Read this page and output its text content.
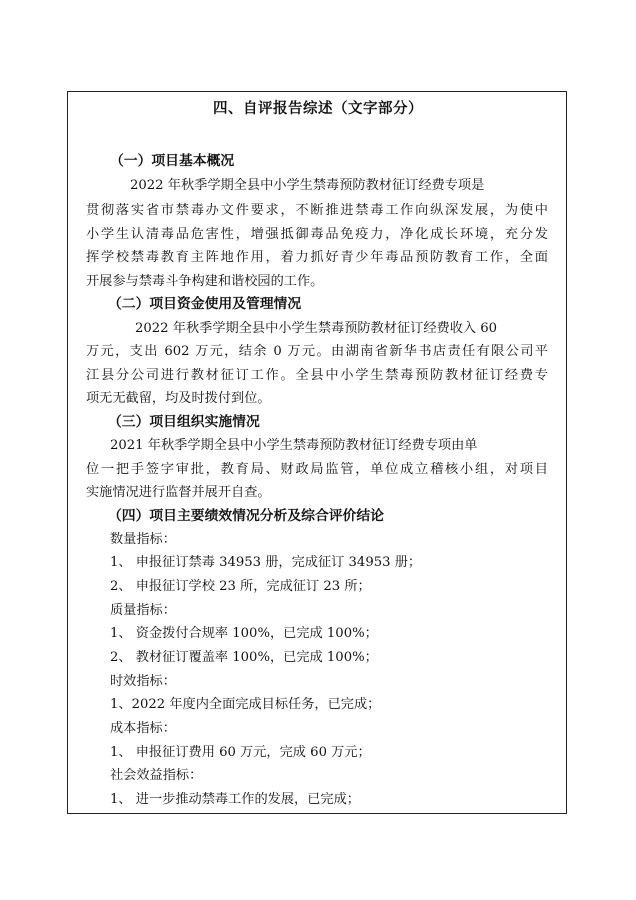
四、自评报告综述（文字部分）
（一）项目基本概况
2022 年秋季学期全县中小学生禁毒预防教材征订经费专项是
贯彻落实省市禁毒办文件要求，不断推进禁毒工作向纵深发展，为使中
小学生认清毒品危害性，增强抵御毒品免疫力，净化成长环境，充分发
挥学校禁毒教育主阵地作用，着力抓好青少年毒品预防教育工作，全面
开展参与禁毒斗争构建和谐校园的工作。
（二）项目资金使用及管理情况
2022 年秋季学期全县中小学生禁毒预防教材征订经费收入 60
万元，支出 602 万元，结余 0 万元。由湖南省新华书店责任有限公司平
江县分公司进行教材征订工作。全县中小学生禁毒预防教材征订经费专
项无无截留，均及时拨付到位。
（三）项目组织实施情况
2021 年秋季学期全县中小学生禁毒预防教材征订经费专项由单
位一把手签字审批，教育局、财政局监管，单位成立稽核小组，对项目
实施情况进行监督并展开自查。
（四）项目主要绩效情况分析及综合评价结论
数量指标：
1、 申报征订禁毒 34953 册，完成征订 34953 册；
2、 申报征订学校 23 所，完成征订 23 所；
质量指标：
1、 资金拨付合规率 100%，已完成 100%；
2、 教材征订覆盖率 100%，已完成 100%；
时效指标：
1、2022 年度内全面完成目标任务，已完成；
成本指标：
1、 申报征订费用 60 万元，完成 60 万元；
社会效益指标：
1、 进一步推动禁毒工作的发展，已完成；
